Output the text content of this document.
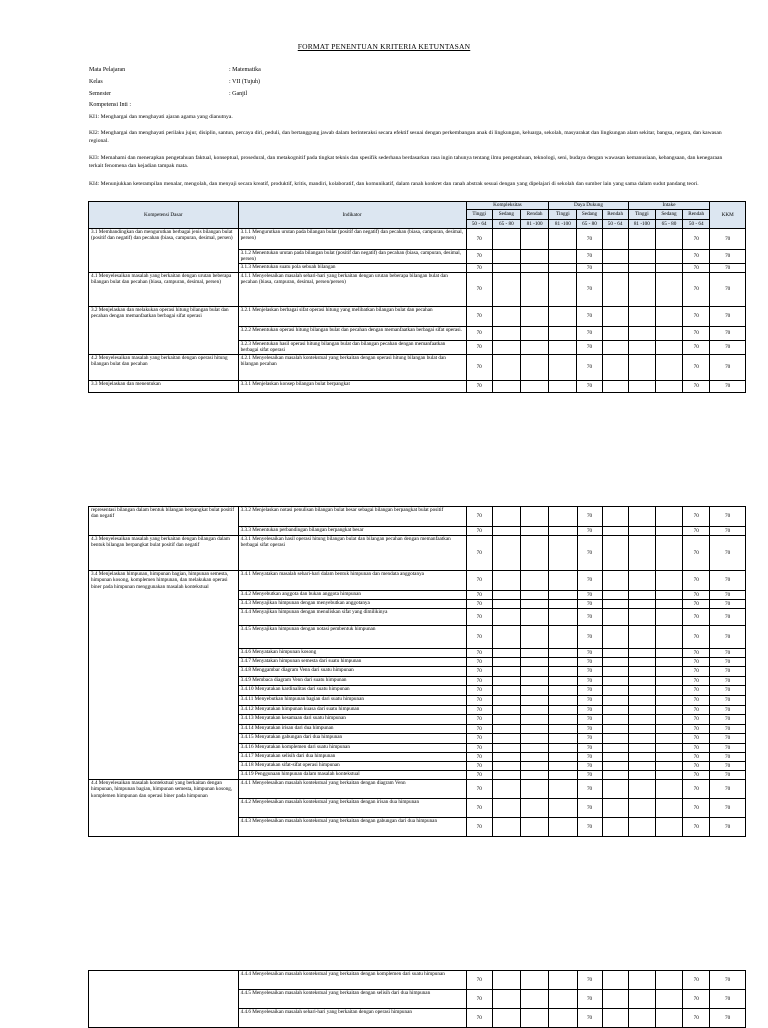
FORMAT PENENTUAN KRITERIA KETUNTASAN
Mata Pelajaran	: Matematika
Kelas	: VII (Tujuh)
Semester	: Ganjil
Kompetensi Inti :
KI1: Menghargai dan menghayati ajaran agama yang dianutnya.
KI2: Menghargai dan menghayati perilaku jujur, disiplin, santun, percaya diri, peduli, dan bertanggung jawab dalam berinteraksi secara efektif sesuai dengan perkembangan anak di lingkungan, keluarga, sekolah, masyarakat dan lingkungan alam sekitar, bangsa, negara, dan kawasan regional.
KI3: Memahami dan menerapkan pengetahuan faktual, konseptual, prosedural, dan metakognitif pada tingkat teknis dan spesifik sederhana berdasarkan rasa ingin tahunya tentang ilmu pengetahuan, teknologi, seni, budaya dengan wawasan kemanusiaan, kebangsaan, dan kenegaraan terkait fenomena dan kejadian tampak mata.
KI4: Menunjukkan keterampilan menalar, mengolah, dan menyaji secara kreatif, produktif, kritis, mandiri, kolaboratif, dan komunikatif, dalam ranah konkret dan ranah abstrak sesuai dengan yang dipelajari di sekolah dan sumber lain yang sama dalam sudut pandang teori.
Kompetensi Dasar	Indikator	Kompleksitas			Daya Dukung			Intake			KKM
		Tinggi	Sedang	Rendah	Tinggi	Sedang	Rendah	Tinggi	Sedang	Rendah	
		50 - 64	65 - 80	81 -100	81 -100	65 - 80	50 - 64	81 -100	65 - 80	50 - 64	
3.1 Membandingkan dan mengurutkan berbagai jenis bilangan bulat (positif dan negatif) dan pecahan (biasa, campuran, desimal, persen)	3.1.1 Mengurutkan urutan pada bilangan bulat (positif dan negatif) dan pecahan (biasa, campuran, desimal, persen)	70				70				70	70
	3.1.2 Menentukan urutan pada bilangan bulat (positif dan negatif) dan pecahan (biasa, campuran, desimal, persen)	70				70				70	70
	3.1.3 Menentukan suatu pola sebuah bilangan	70				70				70	70
4.1 Menyelesaikan masalah yang berkaitan dengan urutan beberapa bilangan bulat dan pecahan (biasa, campuran, desimal, persen)	4.1.1 Menyelesaikan masalah sehari-hari yang berkaitan dengan urutan beberapa bilangan bulat dan pecahan (biasa, campuran, desimal, persen/persen)	70				70				70	70
3.2 Menjelaskan dan melakukan operasi hitung bilangan bulat dan pecahan dengan memanfaatkan berbagai sifat operasi	3.2.1 Menjelaskan berbagai sifat operasi hitung yang melibatkan bilangan bulat dan pecahan	70				70				70	70
	3.2.2 Menentukan operasi hitung bilangan bulat dan pecahan dengan memanfaatkan berbagai sifat operasi.	70				70				70	70
	3.2.3 Menentukan hasil operasi hitung bilangan bulat dan bilangan pecahan dengan memanfaatkan berbagai sifat operasi	70				70				70	70
4.2 Menyelesaikan masalah yang berkaitan dengan operasi hitung bilangan bulat dan pecahan	4.2.1 Menyelesaikan masalah kontekstual yang berkaitan dengan operasi hitung bilangan bulat dan bilangan pecahan	70				70				70	70
3.3 Menjelaskan dan menentukan	3.3.1 Menjelaskan konsep bilangan bulat berpangkat	70				70				70	70
representasi bilangan dalam bentuk bilangan berpangkat bulat positif dan negatif	3.3.2 Menjelaskan notasi penulisan bilangan bulat besar sebagai bilangan berpangkat bulat positif	70				70				70	70
	3.3.3 Menentukan perbandingan bilangan berpangkat besar	70				70				70	70
4.3 Menyelesaikan masalah yang berkaitan dengan bilangan dalam bentuk bilangan berpangkat bulat positif dan negatif	4.3.1 Menyelesaikan hasil operasi hitung bilangan bulat dan bilangan pecahan dengan memanfaatkan berbagai sifat operasi	70				70				70	70
3.4 Menjelaskan himpunan, himpunan bagian, himpunan semesta, himpunan kosong, komplemen himpunan, dan melakukan operasi biner pada himpunan menggunakan masalah kontekstual	3.4.1 Menyatakan masalah sehari-hari dalam bentuk himpunan dan mendata anggotanya	70				70				70	70
	3.4.2 Menyebutkan anggota dan bukan anggota himpunan	70				70				70	70
	3.4.3 Menyajikan himpunan dengan menyebutkan anggotanya	70				70				70	70
	3.4.4 Menyajikan himpunan dengan menuliskan sifat yang dimilikinya	70				70				70	70
	3.4.5 Menyajikan himpunan dengan notasi pembentuk himpunan	70				70				70	70
	3.4.6 Menyatakan himpunan kosong	70				70				70	70
	3.4.7 Menyatakan himpunan semesta dari suatu himpunan	70				70				70	70
	3.4.8 Menggambar diagram Venn dari suatu himpunan	70				70				70	70
	3.4.9 Membaca diagram Venn dari suatu himpunan	70				70				70	70
	3.4.10 Menyatakan kardinalitas dari suatu himpunan	70				70				70	70
	3.4.11 Menyebutkan himpunan bagian dari suatu himpunan	70				70				70	70
	3.4.12 Menyatakan himpunan kuasa dari suatu himpunan	70				70				70	70
	3.4.13 Menyatakan kesamaan dari suatu himpunan	70				70				70	70
	3.4.14 Menyatakan irisan dari dua himpunan	70				70				70	70
	3.4.15 Menyatakan gabungan dari dua himpunan	70				70				70	70
	3.4.16 Menyatakan komplemen dari suatu himpunan	70				70				70	70
	3.4.17 Menyatakan selisih dari dua himpunan	70				70				70	70
	3.4.18 Menyatakan sifat-sifat operasi himpunan	70				70				70	70
	3.4.19 Penggunaan himpunan dalam masalah kontekstual	70				70				70	70
4.4 Menyelesaikan masalah kontekstual yang berkaitan dengan himpunan, himpunan bagian, himpunan semesta, himpunan kosong, komplemen himpunan dan operasi biner pada himpunan	4.4.1 Menyelesaikan masalah kontekstual yang berkaitan dengan diagram Venn	70				70				70	70
	4.4.2 Menyelesaikan masalah kontekstual yang berkaitan dengan irisan dua himpunan	70				70				70	70
	4.4.3 Menyelesaikan masalah kontekstual yang berkaitan dengan gabungan dari dua himpunan	70				70				70	70
	4.4.4 Menyelesaikan masalah kontekstual yang berkaitan dengan komplemen dari suatu himpunan	70				70				70	70
	4.4.5 Menyelesaikan masalah kontekstual yang berkaitan dengan selisih dari dua himpunan	70				70				70	70
	4.4.6 Menyelesaikan masalah sehari-hari yang berkaitan dengan operasi himpunan	70				70				70	70
